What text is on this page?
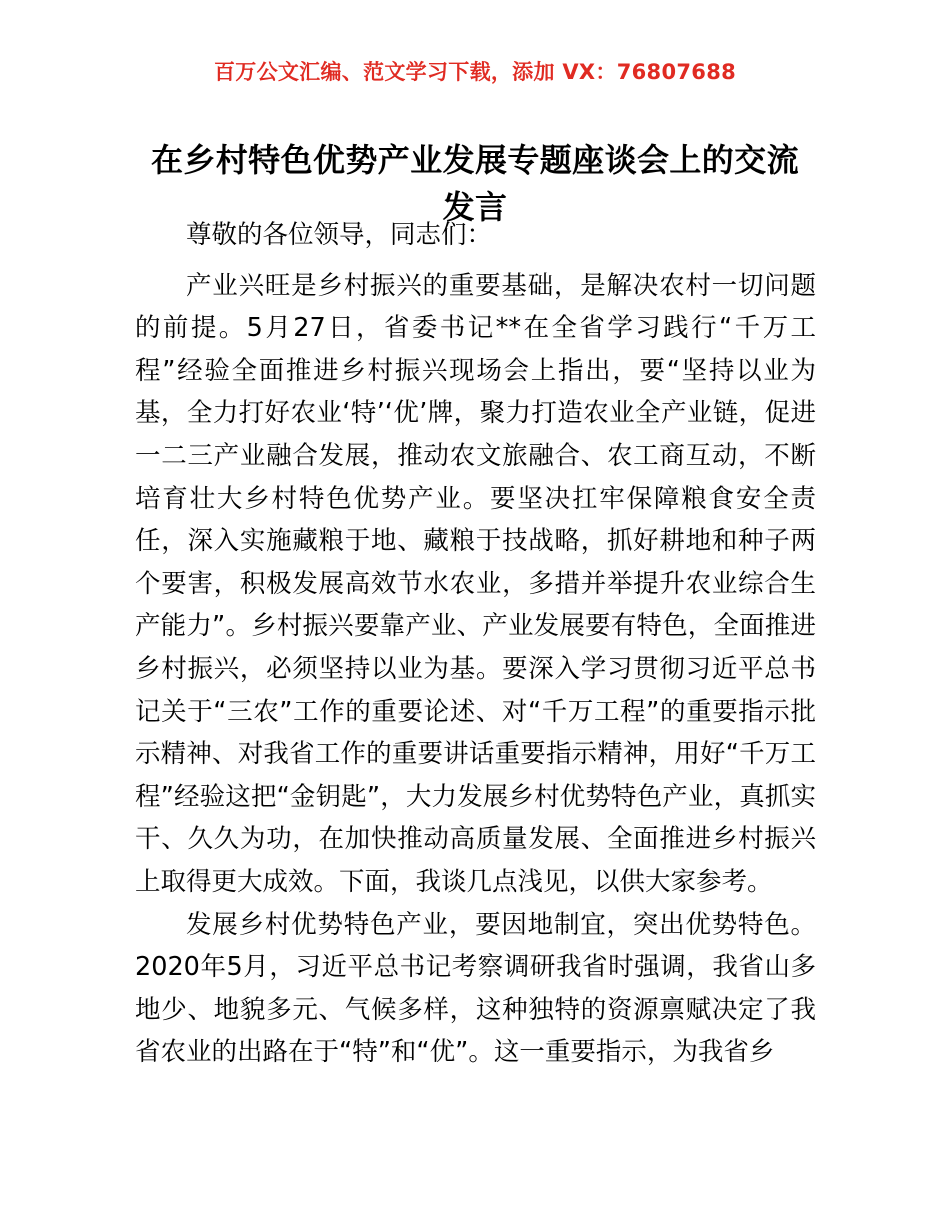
百万公文汇编、范文学习下载，添加 VX：76807688
在乡村特色优势产业发展专题座谈会上的交流发言

尊敬的各位领导，同志们：

产业兴旺是乡村振兴的重要基础，是解决农村一切问题的前提。5月27日，省委书记**在全省学习践行“千万工程”经验全面推进乡村振兴现场会上指出，要“坚持以业为基，全力打好农业‘特’‘优’牌，聚力打造农业全产业链，促进一二三产业融合发展，推动农文旅融合、农工商互动，不断培育壮大乡村特色优势产业。要坚决扛牢保障粮食安全责任，深入实施藏粮于地、藏粮于技战略，抓好耕地和种子两个要害，积极发展高效节水农业，多措并举提升农业综合生产能力”。乡村振兴要靠产业、产业发展要有特色，全面推进乡村振兴，必须坚持以业为基。要深入学习贯彻习近平总书记关于“三农”工作的重要论述、对“千万工程”的重要指示批示精神、对我省工作的重要讲话重要指示精神，用好“千万工程”经验这把“金钥匙”，大力发展乡村优势特色产业，真抓实干、久久为功，在加快推动高质量发展、全面推进乡村振兴上取得更大成效。下面，我谈几点浅见，以供大家参考。

发展乡村优势特色产业，要因地制宜，突出优势特色。2020年5月，习近平总书记考察调研我省时强调，我省山多地少、地貌多元、气候多样，这种独特的资源禀赋决定了我省农业的出路在于“特”和“优”。这一重要指示，为我省乡
